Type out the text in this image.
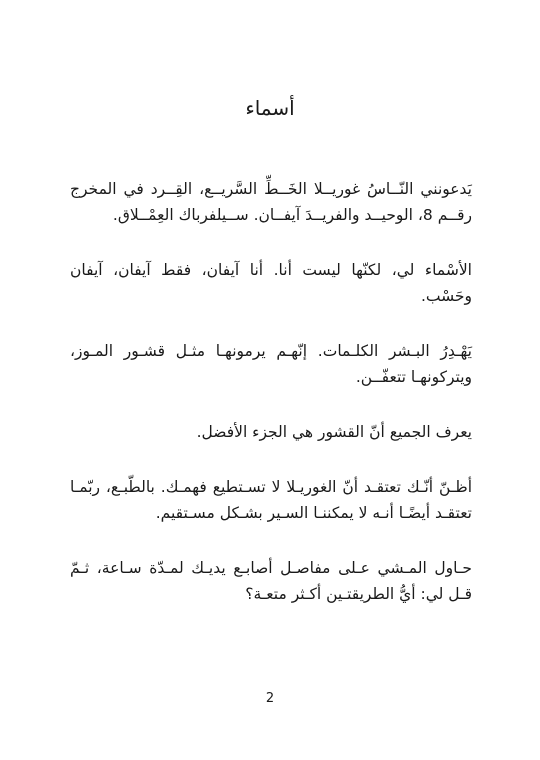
أسماء

يَدعونني النّــاسُ غوريــلا الخَــطِّ السَّريــع، القِــرد في المخرج رقــم 8، الوحيــد والفريــدَ آيفــان. ســيلفرباك العِمْــلاق.

الأسْماء لي، لكنّها ليست أنا. أنا آيفان، فقط آيفان، آيفان وحَسْب.

يَهْـدِرُ البـشر الكلـمات. إنّهـم يرمونهـا مثـل قشـور المـوز، ويتركونهـا تتعفّــن.

يعرف الجميع أنّ القشور هي الجزء الأفضل.

أظـنّ أنّـك تعتقـد أنّ الغوريـلا لا تسـتطيع فهمـك. بالطّبـع، ربّمـا تعتقـد أيضًـا أنـه لا يمكننـا السـير بشـكل مسـتقيم.

حـاول المـشي عـلى مفاصـل أصابـع يديـك لمـدّة سـاعة، ثـمّ قـل لي: أيُّ الطريقتـين أكـثر متعـة؟

2
